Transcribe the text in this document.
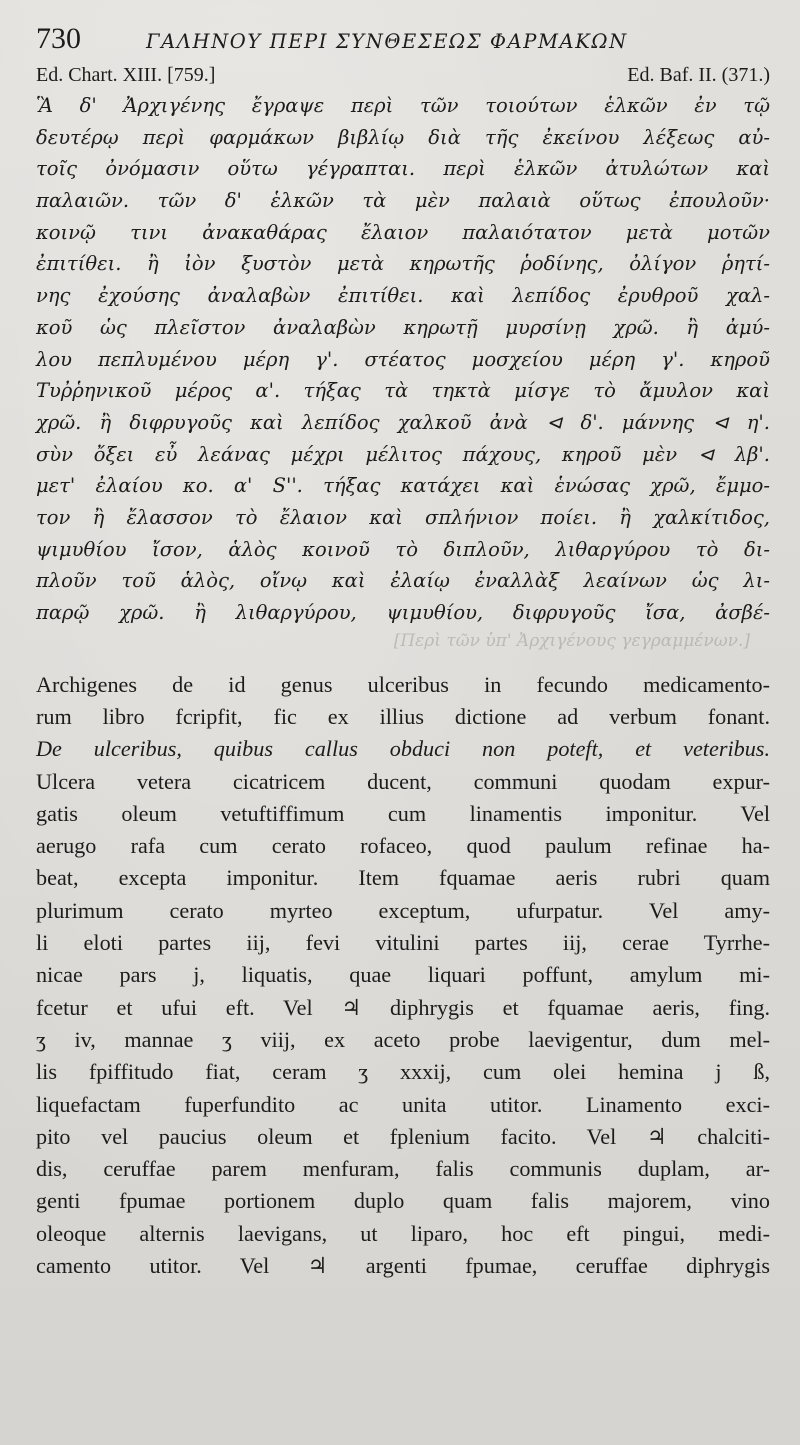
730	ΓΑΛΗΝΟΥ ΠΕΡΙ ΣΥΝΘΕΣΕΩΣ ΦΑΡΜΑΚΩΝ
Ed. Chart. XIII. [759.]	Ed. Baf. II. (371.)
Ἃ δ' Ἀρχιγένης ἔγραψε περὶ τῶν τοιούτων ἑλκῶν ἐν τῷ
δευτέρῳ περὶ φαρμάκων βιβλίῳ διὰ τῆς ἐκείνου λέξεως αὐ-
τοῖς ὀνόμασιν οὕτω γέγραπται. περὶ ἑλκῶν ἀτυλώτων καὶ
παλαιῶν. τῶν δ' ἑλκῶν τὰ μὲν παλαιὰ οὕτως ἐπουλοῦν·
κοινῷ τινι ἀνακαθάρας ἔλαιον παλαιότατον μετὰ μοτῶν
ἐπιτίθει. ἢ ἰὸν ξυστὸν μετὰ κηρωτῆς ῥοδίνης, ὀλίγον ῥητί-
νης ἐχούσης ἀναλαβὼν ἐπιτίθει. καὶ λεπίδος ἐρυθροῦ χαλ-
κοῦ ὡς πλεῖστον ἀναλαβὼν κηρωτῇ μυρσίνῃ χρῶ. ἢ ἀμύ-
λου πεπλυμένου μέρη γ'. στέατος μοσχείου μέρη γ'. κηροῦ
Τυῤῥηνικοῦ μέρος α'. τήξας τὰ τηκτὰ μίσγε τὸ ἄμυλον καὶ
χρῶ. ἢ διφρυγοῦς καὶ λεπίδος χαλκοῦ ἀνὰ ⊲ δ'. μάννης ⊲ η'.
σὺν ὄξει εὖ λεάνας μέχρι μέλιτος πάχους, κηροῦ μὲν ⊲ λβ'.
μετ' ἐλαίου κο. α' S''. τήξας κατάχει καὶ ἑνώσας χρῶ, ἔμμο-
τον ἢ ἔλασσον τὸ ἔλαιον καὶ σπλήνιον ποίει. ἢ χαλκίτιδος,
ψιμυθίου ἴσον, ἁλὸς κοινοῦ τὸ διπλοῦν, λιθαργύρου τὸ δι-
πλοῦν τοῦ ἁλὸς, οἴνῳ καὶ ἐλαίῳ ἐναλλὰξ λεαίνων ὡς λι-
παρῷ χρῶ. ἢ λιθαργύρου, ψιμυθίου, διφρυγοῦς ἴσα, ἀσβέ-
[Περὶ τῶν ὑπ' Ἀρχιγένους γεγραμμένων.]
Archigenes de id genus ulceribus in fecundo medicamento-
rum libro fcripfit, fic ex illius dictione ad verbum fonant.
De ulceribus, quibus callus obduci non poteft, et veteribus.
Ulcera vetera cicatricem ducent, communi quodam expur-
gatis oleum vetuftiffimum cum linamentis imponitur. Vel
aerugo rafa cum cerato rofaceo, quod paulum refinae ha-
beat, excepta imponitur. Item fquamae aeris rubri quam
plurimum cerato myrteo exceptum, ufurpatur. Vel amy-
li eloti partes iij, fevi vitulini partes iij, cerae Tyrrhe-
nicae pars j, liquatis, quae liquari poffunt, amylum mi-
fcetur et ufui eft. Vel ♃ diphrygis et fquamae aeris, fing.
ʒ iv, mannae ʒ viij, ex aceto probe laevigentur, dum mel-
lis fpiffitudo fiat, ceram ʒ xxxij, cum olei hemina j ß,
liquefactam fuperfundito ac unita utitor. Linamento exci-
pito vel paucius oleum et fplenium facito. Vel ♃ chalciti-
dis, ceruffae parem menfuram, falis communis duplam, ar-
genti fpumae portionem duplo quam falis majorem, vino
oleoque alternis laevigans, ut liparo, hoc eft pingui, medi-
camento utitor. Vel ♃ argenti fpumae, ceruffae diphrygis
